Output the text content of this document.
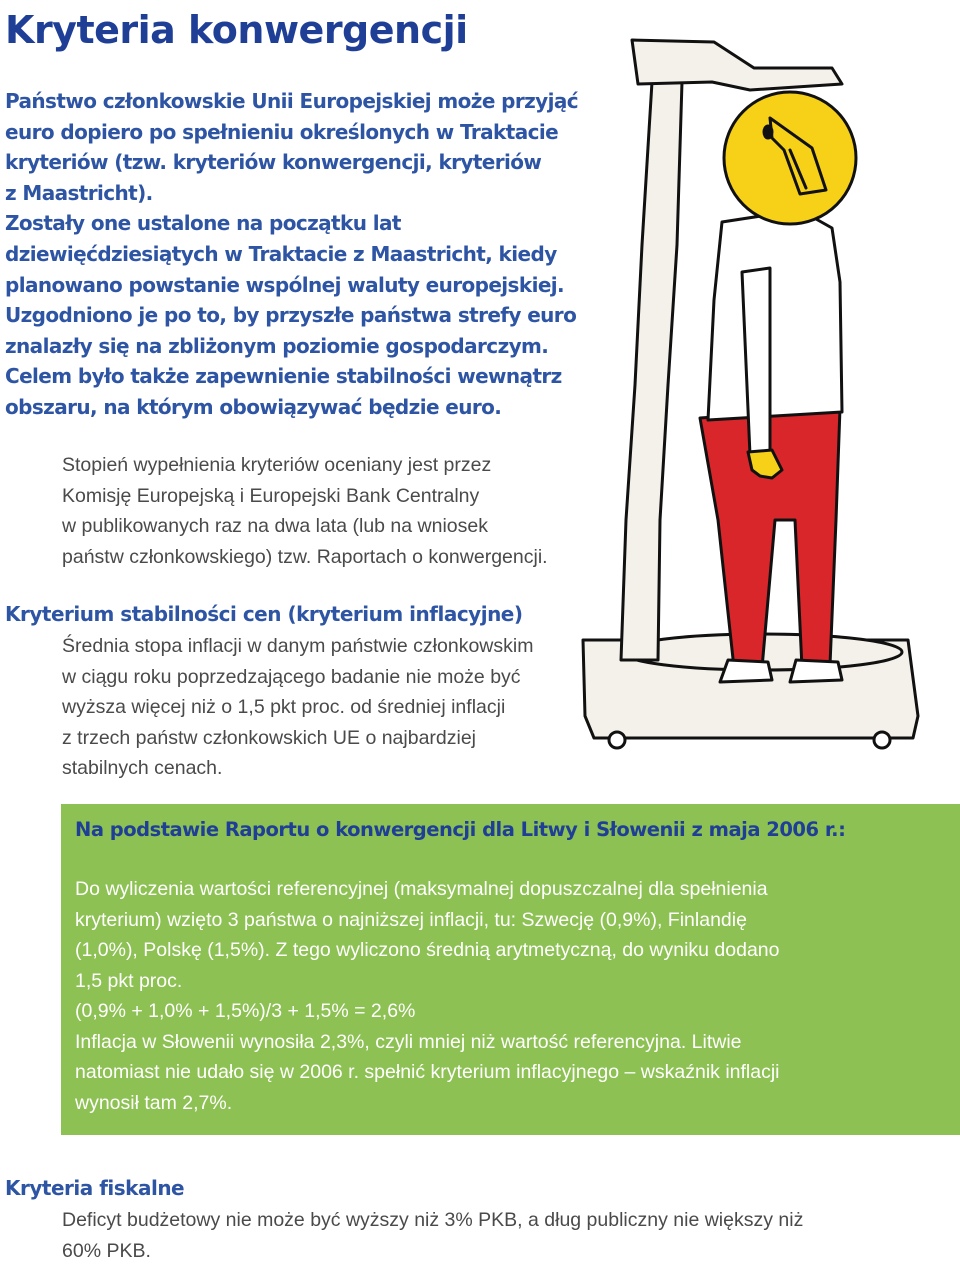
Kryteria konwergencji

Państwo członkowskie Unii Europejskiej może przyjąć
euro dopiero po spełnieniu określonych w Traktacie
kryteriów (tzw. kryteriów konwergencji, kryteriów
z Maastricht).
Zostały one ustalone na początku lat
dziewięćdziesiątych w Traktacie z Maastricht, kiedy
planowano powstanie wspólnej waluty europejskiej.
Uzgodniono je po to, by przyszłe państwa strefy euro
znalazły się na zbliżonym poziomie gospodarczym.
Celem było także zapewnienie stabilności wewnątrz
obszaru, na którym obowiązywać będzie euro.

Stopień wypełnienia kryteriów oceniany jest przez
Komisję Europejską i Europejski Bank Centralny
w publikowanych raz na dwa lata (lub na wniosek
państw członkowskiego) tzw. Raportach o konwergencji.

Kryterium stabilności cen (kryterium inflacyjne)

Średnia stopa inflacji w danym państwie członkowskim
w ciągu roku poprzedzającego badanie nie może być
wyższa więcej niż o 1,5 pkt proc. od średniej inflacji
z trzech państw członkowskich UE o najbardziej
stabilnych cenach.

Na podstawie Raportu o konwergencji dla Litwy i Słowenii z maja 2006 r.:

Do wyliczenia wartości referencyjnej (maksymalnej dopuszczalnej dla spełnienia
kryterium) wzięto 3 państwa o najniższej inflacji, tu: Szwecję (0,9%), Finlandię
(1,0%), Polskę (1,5%). Z tego wyliczono średnią arytmetyczną, do wyniku dodano
1,5 pkt proc.
(0,9% + 1,0% + 1,5%)/3 + 1,5% = 2,6%
Inflacja w Słowenii wynosiła 2,3%, czyli mniej niż wartość referencyjna. Litwie
natomiast nie udało się w 2006 r. spełnić kryterium inflacyjnego – wskaźnik inflacji
wynosił tam 2,7%.

Kryteria fiskalne

Deficyt budżetowy nie może być wyższy niż 3% PKB, a dług publiczny nie większy niż
60% PKB.
